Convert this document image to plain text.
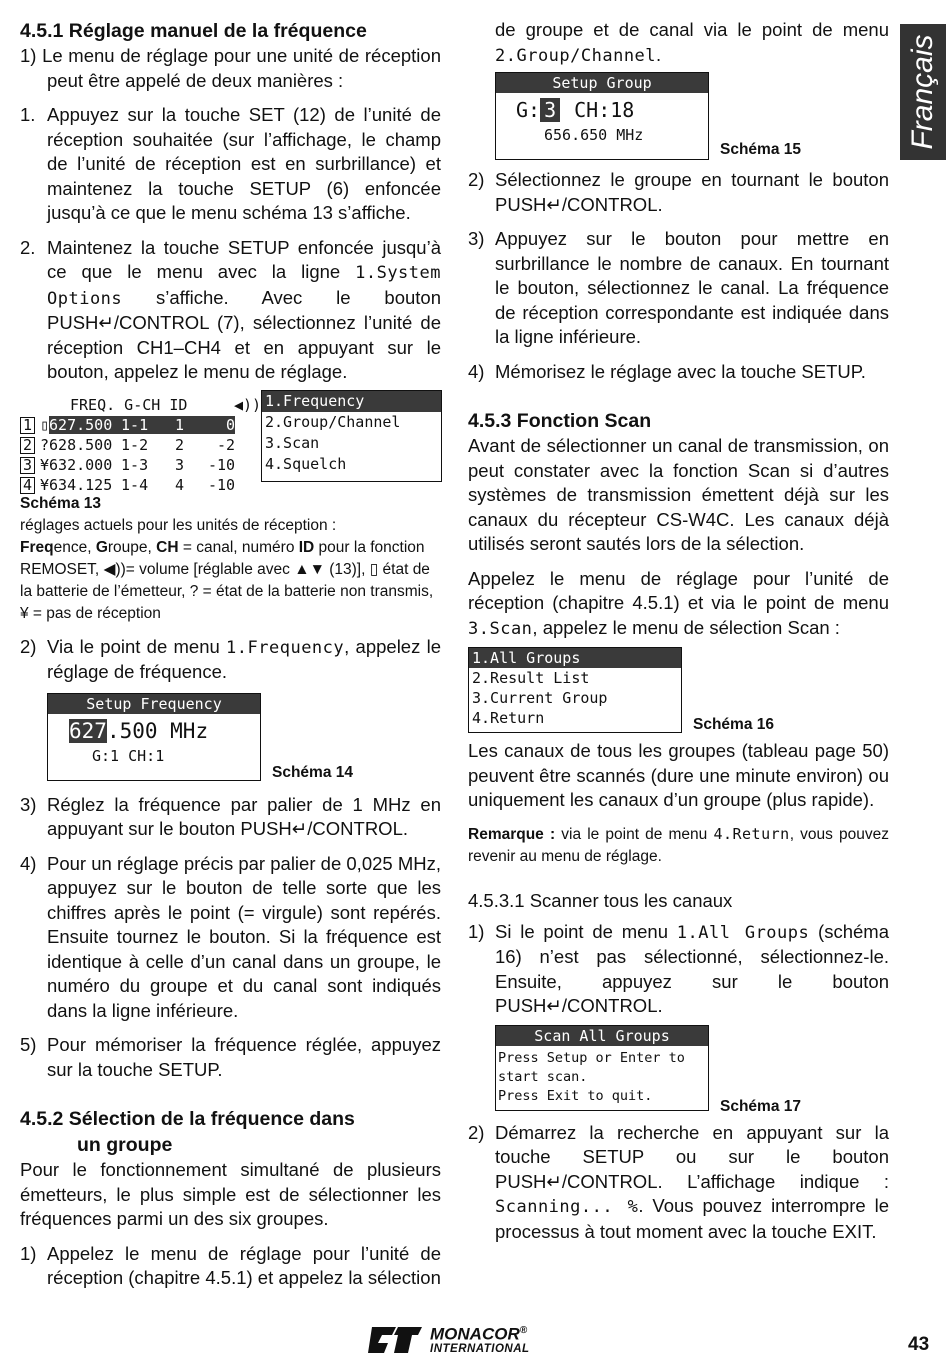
Français
4.5.1 Réglage manuel de la fréquence
1) Le menu de réglage pour une unité de réception peut être appelé de deux manières :
1. Appuyez sur la touche SET (12) de l’unité de réception souhaitée (sur l’affichage, le champ de l’unité de réception est en surbrillance) et maintenez la touche SETUP (6) enfoncée jusqu’à ce que le menu schéma 13 s’affiche.
2. Maintenez la touche SETUP enfoncée jusqu’à ce que le menu avec la ligne 1.System Options s’affiche. Avec le bouton PUSH↵/CONTROL (7), sélectionnez l’unité de réception CH1–CH4 et en appuyant sur le bouton, appelez le menu de réglage.
FREQ. G-CH ID
1 ▯627.500 1-1 1	0
2 ?628.500 1-2 2 -2
3 ¥632.000 1-3 3 -10
4 ¥634.125 1-4 4 -10
◀)) 1.Frequency
2.Group/Channel
3.Scan
4.Squelch
Schéma 13
réglages actuels pour les unités de réception :
Freqence, Groupe, CH = canal, numéro ID pour la fonction REMOSET, ◀))= volume [réglable avec ▲▼ (13)], ▯ état de la batterie de l’émetteur, ? = état de la batterie non transmis, ¥ = pas de réception
2) Via le point de menu 1.Frequency, appelez le réglage de fréquence.
Setup Frequency
627.500 MHz
G:1 CH:1
Schéma 14
3) Réglez la fréquence par palier de 1 MHz en appuyant sur le bouton PUSH↵/CONTROL.
4) Pour un réglage précis par palier de 0,025 MHz, appuyez sur le bouton de telle sorte que les chiffres après le point (= virgule) sont repérés. Ensuite tournez le bouton. Si la fréquence est identique à celle d’un canal dans un groupe, le numéro du groupe et du canal sont indiqués dans la ligne inférieure.
5) Pour mémoriser la fréquence réglée, appuyez sur la touche SETUP.
4.5.2 Sélection de la fréquence dans
un groupe
Pour le fonctionnement simultané de plusieurs émetteurs, le plus simple est de sélectionner les fréquences parmi un des six groupes.
1) Appelez le menu de réglage pour l’unité de réception (chapitre 4.5.1) et appelez la sélection
de groupe et de canal via le point de menu 2.Group/Channel.
Setup Group
G: 3 CH:18
656.650 MHz
Schéma 15
2) Sélectionnez le groupe en tournant le bouton PUSH↵/CONTROL.
3) Appuyez sur le bouton pour mettre en surbrillance le nombre de canaux. En tournant le bouton, sélectionnez le canal. La fréquence de réception correspondante est indiquée dans la ligne inférieure.
4) Mémorisez le réglage avec la touche SETUP.
4.5.3 Fonction Scan
Avant de sélectionner un canal de transmission, on peut constater avec la fonction Scan si d’autres systèmes de transmission émettent déjà sur les canaux du récepteur CS-W4C. Les canaux déjà utilisés seront sautés lors de la sélection.
Appelez le menu de réglage pour l’unité de réception (chapitre 4.5.1) et via le point de menu 3.Scan, appelez le menu de sélection Scan :
1.All Groups
2.Result List
3.Current Group
4.Return	Schéma 16
Les canaux de tous les groupes (tableau page 50) peuvent être scannés (dure une minute environ) ou uniquement les canaux d’un groupe (plus rapide).
Remarque : via le point de menu 4.Return, vous pouvez revenir au menu de réglage.
4.5.3.1 Scanner tous les canaux
1) Si le point de menu 1.All Groups (schéma 16) n’est pas sélectionné, sélectionnez-le. Ensuite, appuyez sur le bouton PUSH↵/CONTROL.
Scan All Groups
Press Setup or Enter to
start scan.
Press Exit to quit.
Schéma 17
2) Démarrez la recherche en appuyant sur la touche SETUP ou sur le bouton PUSH↵/CONTROL. L’affichage indique : Scanning... %. Vous pouvez interrompre le processus à tout moment avec la touche EXIT.
MONACOR®
INTERNATIONAL	43
